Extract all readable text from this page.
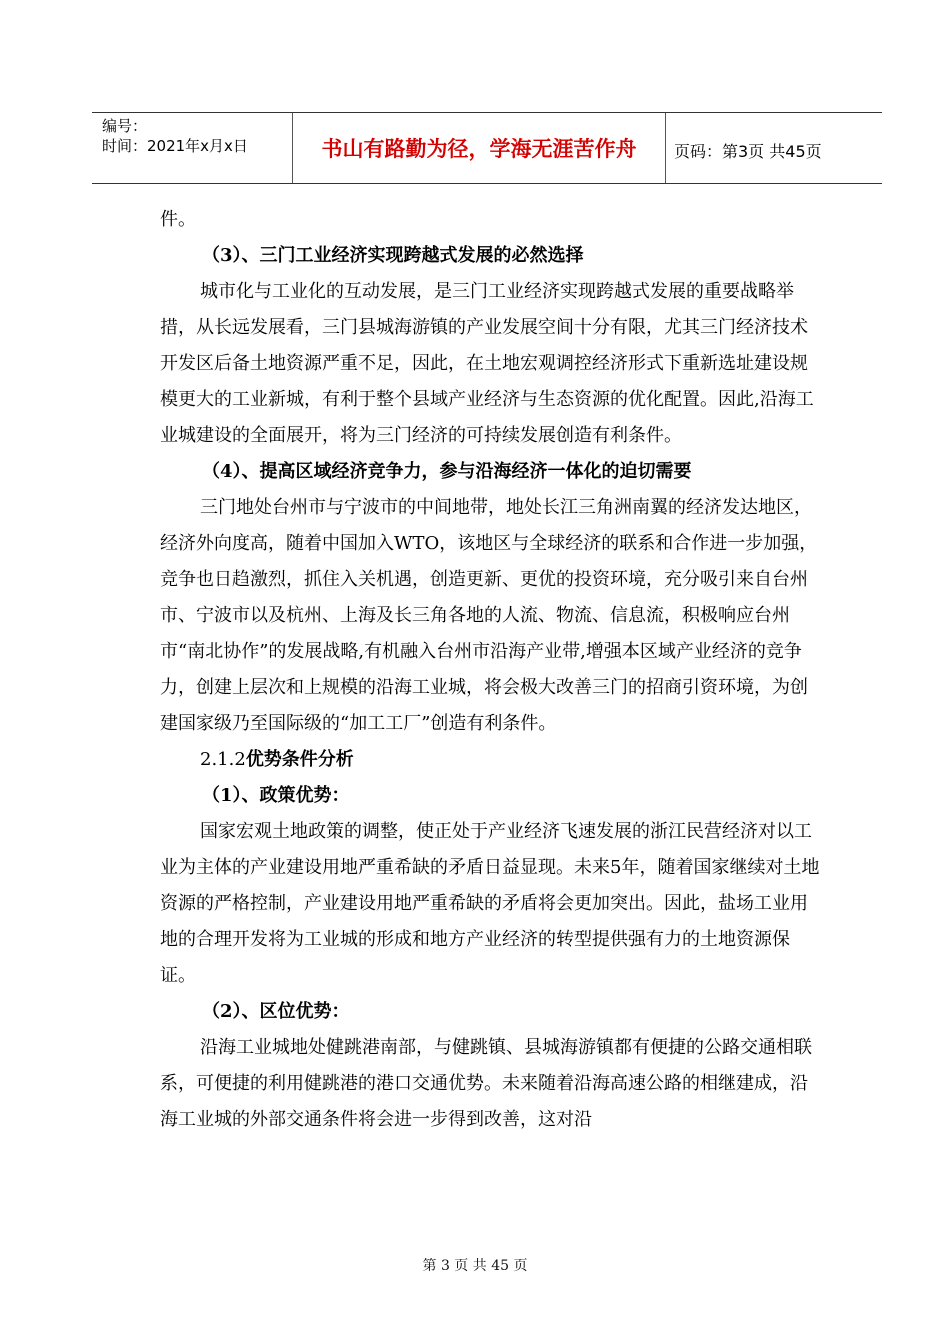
编号：
时间：2021年x月x日	书山有路勤为径，学海无涯苦作舟	页码：第3页 共45页

件。

（3）、三门工业经济实现跨越式发展的必然选择

城市化与工业化的互动发展，是三门工业经济实现跨越式发展的重要战略举措，从长远发展看，三门县城海游镇的产业发展空间十分有限，尤其三门经济技术开发区后备土地资源严重不足，因此，在土地宏观调控经济形式下重新选址建设规模更大的工业新城，有利于整个县域产业经济与生态资源的优化配置。因此,沿海工业城建设的全面展开，将为三门经济的可持续发展创造有利条件。

（4）、提高区域经济竞争力，参与沿海经济一体化的迫切需要

三门地处台州市与宁波市的中间地带，地处长江三角洲南翼的经济发达地区，经济外向度高，随着中国加入WTO，该地区与全球经济的联系和合作进一步加强，竞争也日趋激烈，抓住入关机遇，创造更新、更优的投资环境，充分吸引来自台州市、宁波市以及杭州、上海及长三角各地的人流、物流、信息流，积极响应台州市“南北协作”的发展战略,有机融入台州市沿海产业带,增强本区域产业经济的竞争力，创建上层次和上规模的沿海工业城，将会极大改善三门的招商引资环境，为创建国家级乃至国际级的“加工工厂”创造有利条件。

2.1.2优势条件分析

（1）、政策优势：

国家宏观土地政策的调整，使正处于产业经济飞速发展的浙江民营经济对以工业为主体的产业建设用地严重希缺的矛盾日益显现。未来5年，随着国家继续对土地资源的严格控制，产业建设用地严重希缺的矛盾将会更加突出。因此，盐场工业用地的合理开发将为工业城的形成和地方产业经济的转型提供强有力的土地资源保证。

（2）、区位优势：

沿海工业城地处健跳港南部，与健跳镇、县城海游镇都有便捷的公路交通相联系，可便捷的利用健跳港的港口交通优势。未来随着沿海高速公路的相继建成，沿海工业城的外部交通条件将会进一步得到改善，这对沿

第 3 页 共 45 页
